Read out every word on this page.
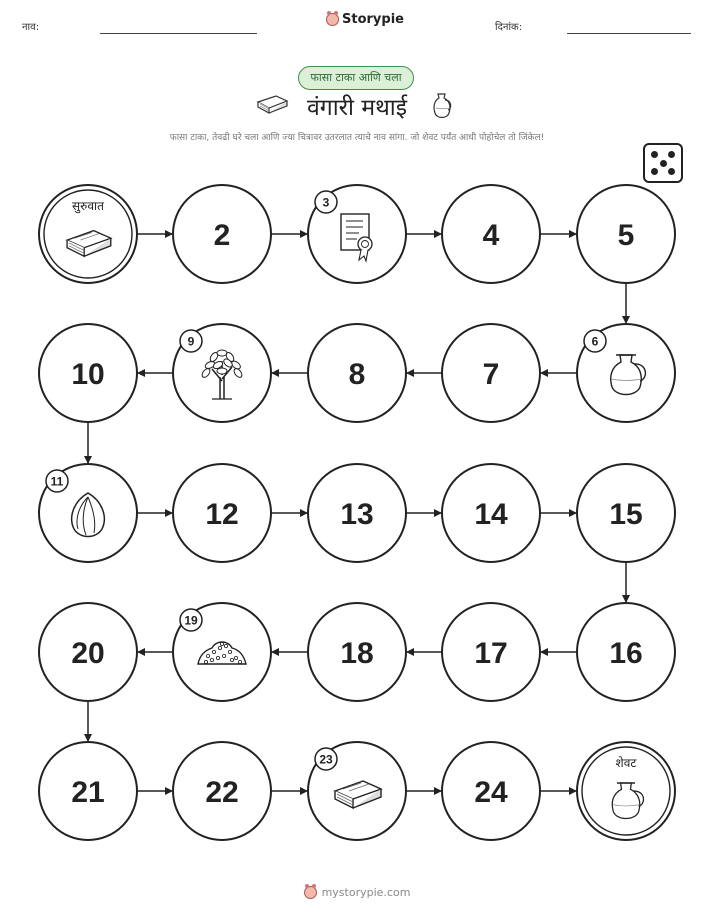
नाव:
Storypie
दिनांक:
फासा टाका आणि चला
वंगारी मथाई
फासा टाका, तेवढी घरे चला आणि ज्या चित्रावर उतरलात त्याचे नाव सांगा. जो शेवट पर्यंत आधी पोहोचेल तो जिंकेल!
सुरुवात
2
3
4	5
6
7
8
9
10
11
12	13	14	15
16
17
18
19
20
21	22
23
24
शेवट
mystorypie.com
